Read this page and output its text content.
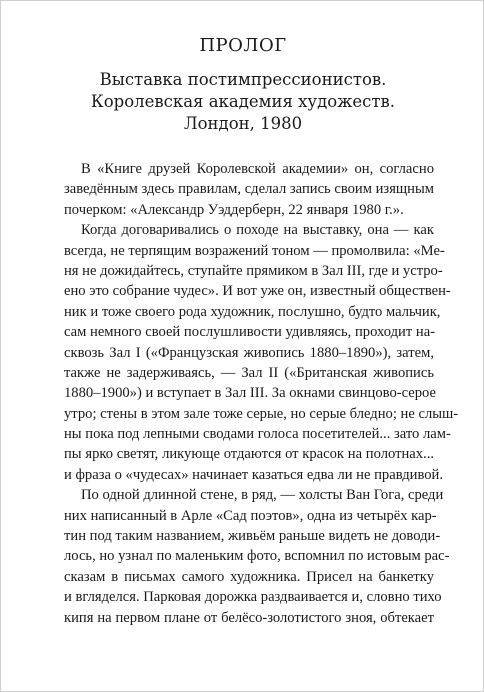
ПРОЛОГ
Выставка постимпрессионистов.
Королевская академия художеств.
Лондон, 1980
В «Книге друзей Королевской академии» он, согласно
заведённым здесь правилам, сделал запись своим изящным
почерком: «Александр Уэддерберн, 22 января 1980 г.».
Когда договаривались о походе на выставку, она — как
всегда, не терпящим возражений тоном — промолвила: «Ме-
ня не дожидайтесь, ступайте прямиком в Зал III, где и устро-
ено это собрание чудес». И вот уже он, известный обществен-
ник и тоже своего рода художник, послушно, будто мальчик,
сам немного своей послушливости удивляясь, проходит на-
сквозь Зал I («Французская живопись 1880–1890»), затем,
также не задерживаясь, — Зал II («Британская живопись
1880–1900») и вступает в Зал III. За окнами свинцово-серое
утро; стены в этом зале тоже серые, но серые бледно; не слыш-
ны пока под лепными сводами голоса посетителей... зато лам-
пы ярко светят, ликующе отдаются от красок на полотнах...
и фраза о «чудесах» начинает казаться едва ли не правдивой.
По одной длинной стене, в ряд, — холсты Ван Гога, среди
них написанный в Арле «Сад поэтов», одна из четырёх кар-
тин под таким названием, живьём раньше видеть не доводи-
лось, но узнал по маленьким фото, вспомнил по истовым рас-
сказам в письмах самого художника. Присел на банкетку
и вгляделся. Парковая дорожка раздваивается и, словно тихо
кипя на первом плане от белёсо-золотистого зноя, обтекает
